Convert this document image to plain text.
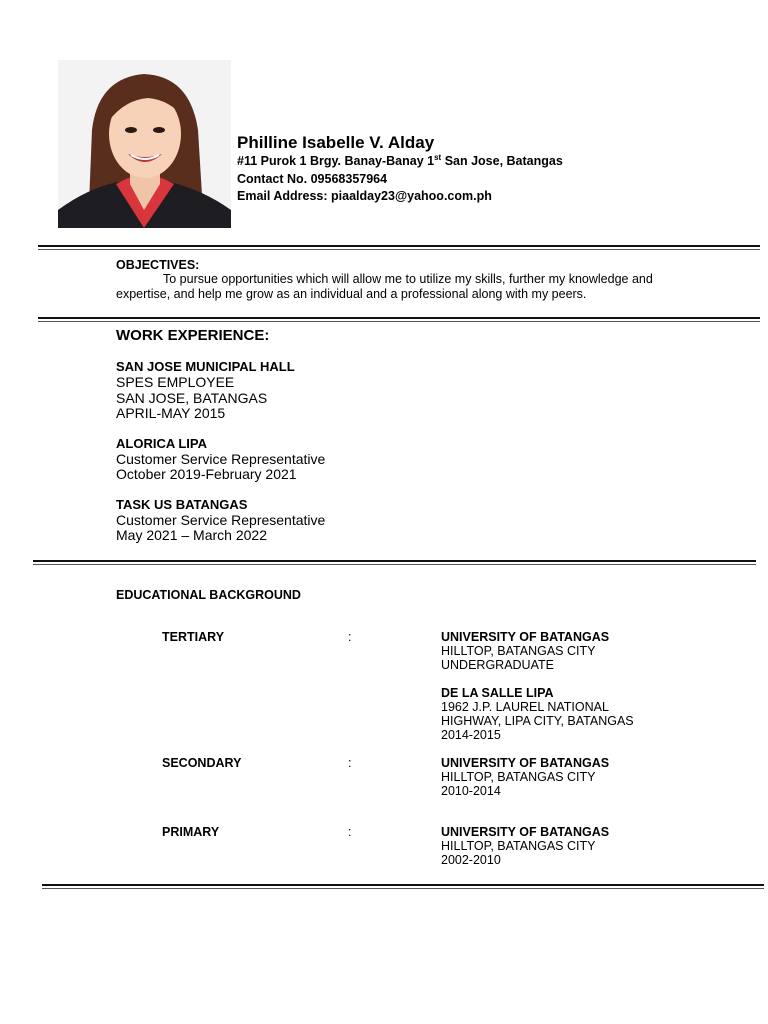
Philline Isabelle V. Alday
#11 Purok 1 Brgy. Banay-Banay 1st San Jose, Batangas
Contact No. 09568357964
Email Address: piaalday23@yahoo.com.ph
OBJECTIVES:
To pursue opportunities which will allow me to utilize my skills, further my knowledge and expertise, and help me grow as an individual and a professional along with my peers.
WORK EXPERIENCE:
SAN JOSE MUNICIPAL HALL
SPES EMPLOYEE
SAN JOSE, BATANGAS
APRIL-MAY 2015
ALORICA LIPA
Customer Service Representative
October 2019-February 2021
TASK US BATANGAS
Customer Service Representative
May 2021 – March 2022
EDUCATIONAL BACKGROUND
TERTIARY	:	UNIVERSITY OF BATANGAS
HILLTOP, BATANGAS CITY
UNDERGRADUATE
DE LA SALLE LIPA
1962 J.P. LAUREL NATIONAL
HIGHWAY, LIPA CITY, BATANGAS
2014-2015
SECONDARY	:	UNIVERSITY OF BATANGAS
HILLTOP, BATANGAS CITY
2010-2014
PRIMARY	:	UNIVERSITY OF BATANGAS
HILLTOP, BATANGAS CITY
2002-2010
